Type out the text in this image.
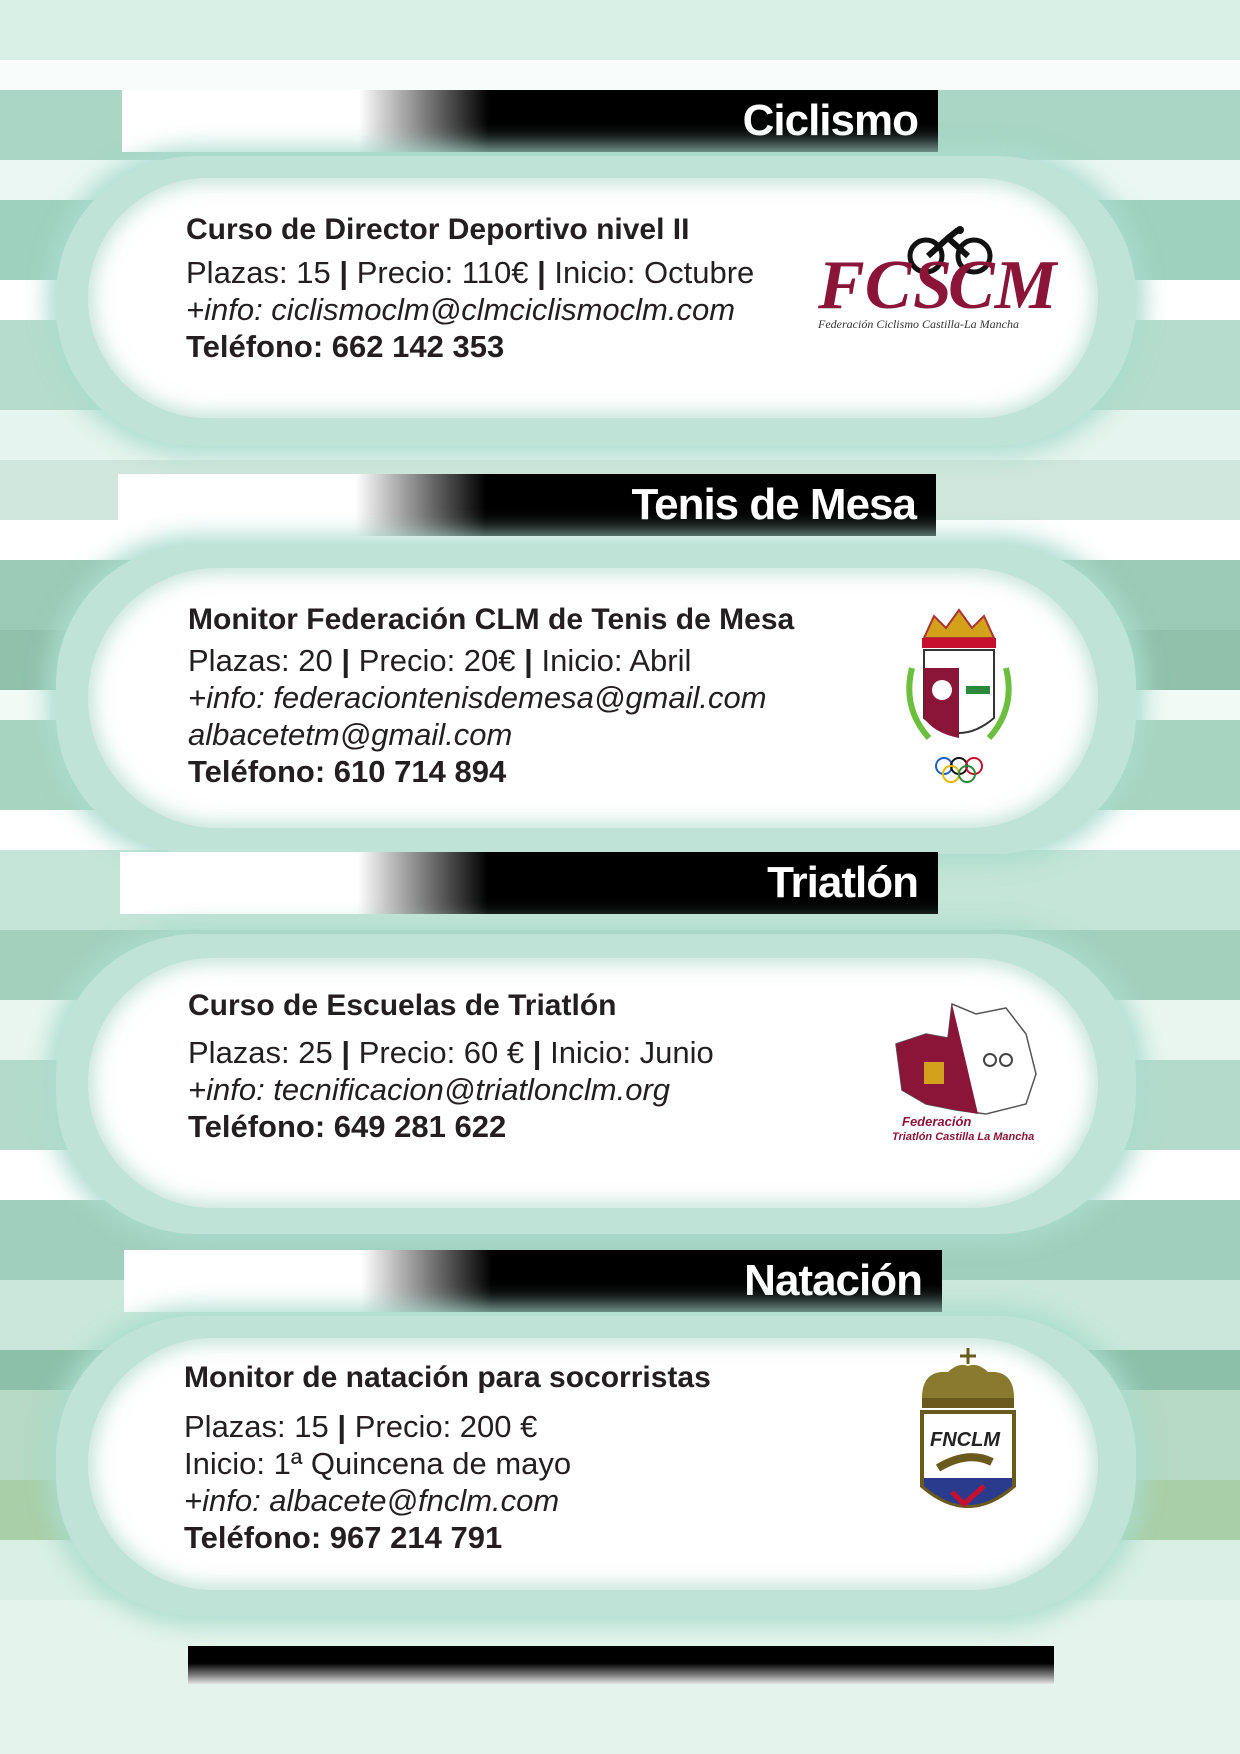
Ciclismo
Curso de Director Deportivo nivel II
Plazas: 15 | Precio: 110€ | Inicio: Octubre
+info: ciclismoclm@clmciclismoclm.com
Teléfono: 662 142 353
FC CM
S
Federación Ciclismo Castilla-La Mancha
Tenis de Mesa
Monitor Federación CLM de Tenis de Mesa
Plazas: 20 | Precio: 20€ | Inicio: Abril
+info: federaciontenisdemesa@gmail.com
albacetetm@gmail.com
Teléfono: 610 714 894
Triatlón
Curso de Escuelas de Triatlón
Plazas: 25 | Precio: 60 € | Inicio: Junio
+info: tecnificacion@triatlonclm.org
Teléfono: 649 281 622	Federación
Triatlón Castilla La Mancha
Natación
Monitor de natación para socorristas
Plazas: 15 | Precio: 200 €
Inicio: 1ª Quincena de mayo
+info: albacete@fnclm.com
Teléfono: 967 214 791
FNCLM
